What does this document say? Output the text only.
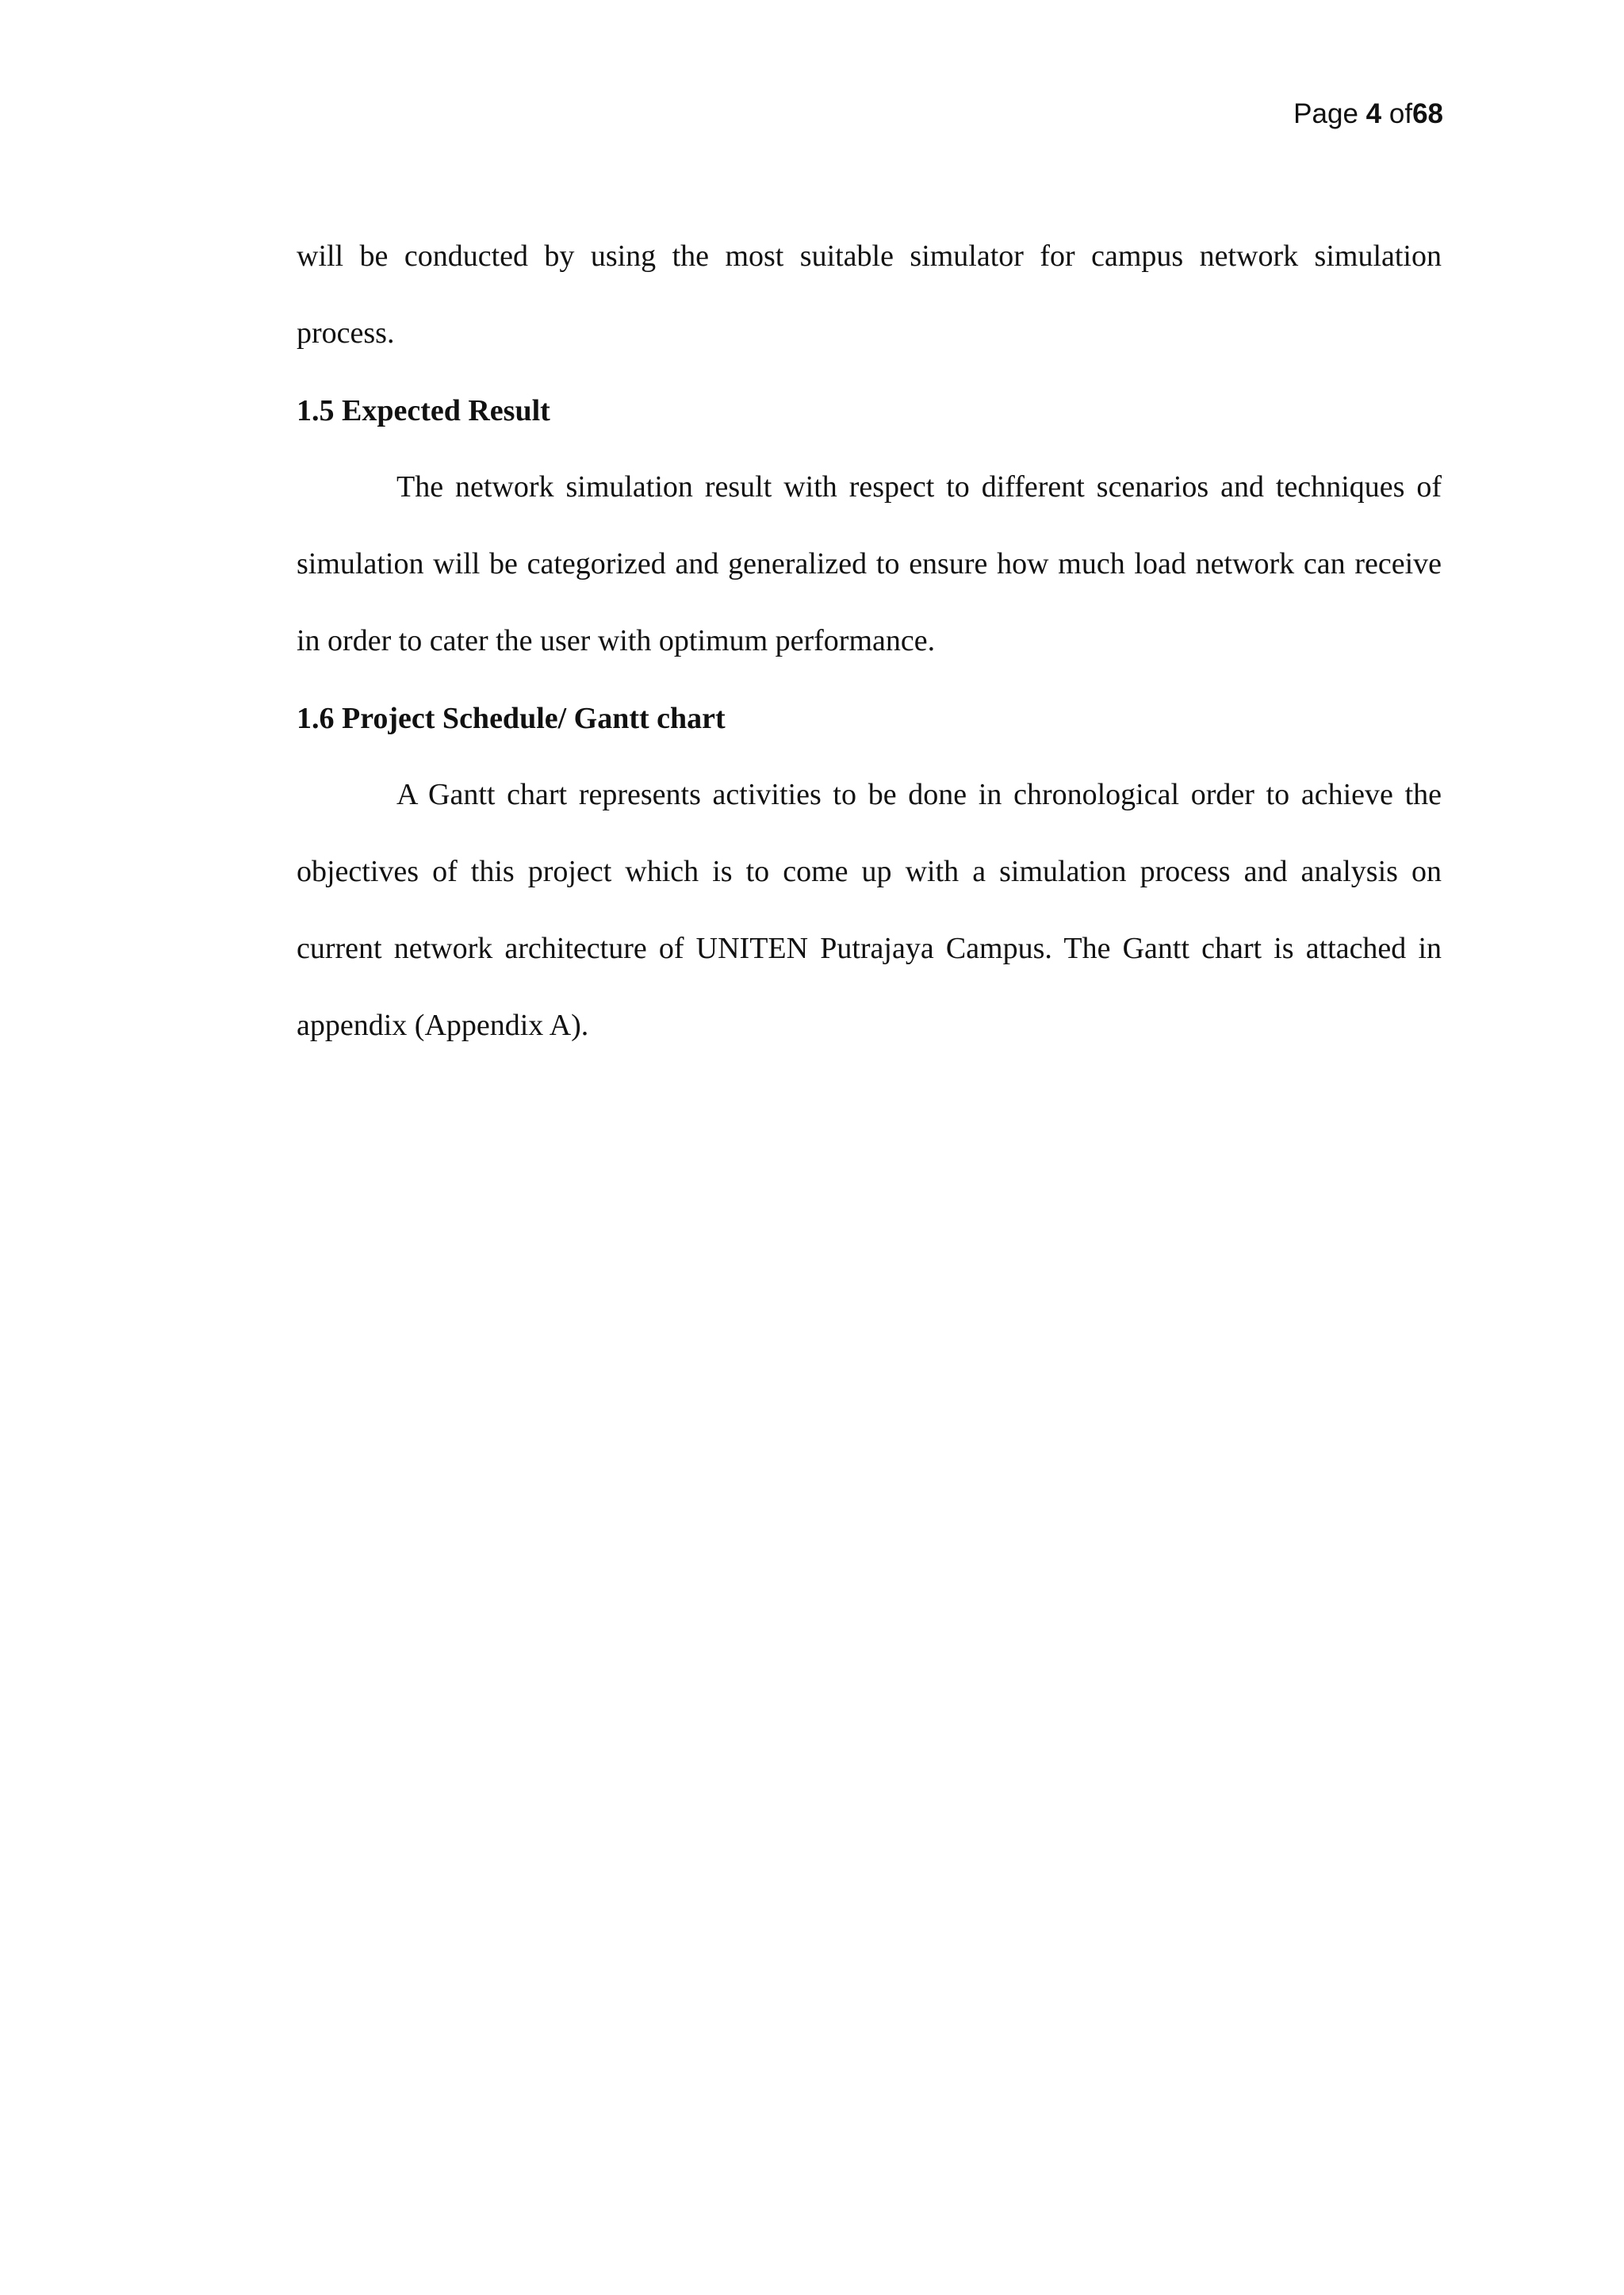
Page 4 of68

will be conducted by using the most suitable simulator for campus network simulation process.

1.5 Expected Result

The network simulation result with respect to different scenarios and techniques of simulation will be categorized and generalized to ensure how much load network can receive in order to cater the user with optimum performance.

1.6 Project Schedule/ Gantt chart

A Gantt chart represents activities to be done in chronological order to achieve the objectives of this project which is to come up with a simulation process and analysis on current network architecture of UNITEN Putrajaya Campus. The Gantt chart is attached in appendix (Appendix A).
